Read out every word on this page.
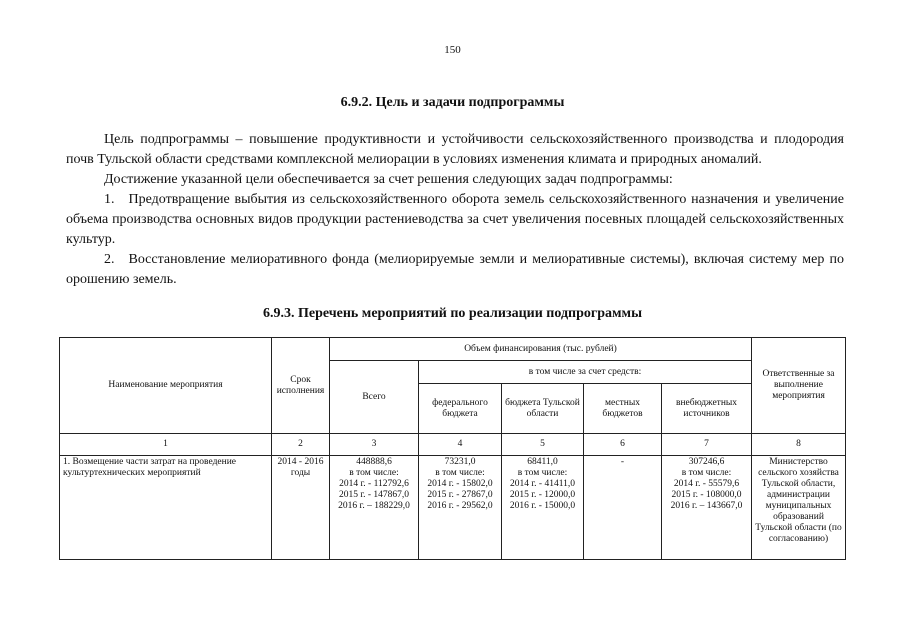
150
6.9.2. Цель и задачи подпрограммы

Цель подпрограммы – повышение продуктивности и устойчивости сельскохозяйственного производства и плодородия почв Тульской области средствами комплексной мелиорации в условиях изменения климата и природных аномалий.

Достижение указанной цели обеспечивается за счет решения следующих задач подпрограммы:

1. Предотвращение выбытия из сельскохозяйственного оборота земель сельскохозяйственного назначения и увеличение объема производства основных видов продукции растениеводства за счет увеличения посевных площадей сельскохозяйственных культур.

2. Восстановление мелиоративного фонда (мелиорируемые земли и мелиоративные системы), включая систему мер по орошению земель.

6.9.3. Перечень мероприятий по реализации подпрограммы
Наименование мероприятия	Срок исполнения	Объем финансирования (тыс. рублей)					Ответственные за выполнение мероприятия
		Всего	в том числе за счет средств:				
			федерального бюджета	бюджета Тульской области	местных бюджетов	внебюджетных источников	
1	2	3	4	5	6	7	8
1. Возмещение части затрат на проведение культуртехнических мероприятий	2014 - 2016 годы	448888,6
в том числе:
2014 г. - 112792,6
2015 г. - 147867,0
2016 г. – 188229,0	73231,0
в том числе:
2014 г. - 15802,0
2015 г. - 27867,0
2016 г. - 29562,0	68411,0
в том числе:
2014 г. - 41411,0
2015 г. - 12000,0
2016 г. - 15000,0	-	307246,6
в том числе:
2014 г. - 55579,6
2015 г. - 108000,0
2016 г. – 143667,0	Министерство сельского хозяйства Тульской области, администрации муниципальных образований Тульской области (по согласованию)
